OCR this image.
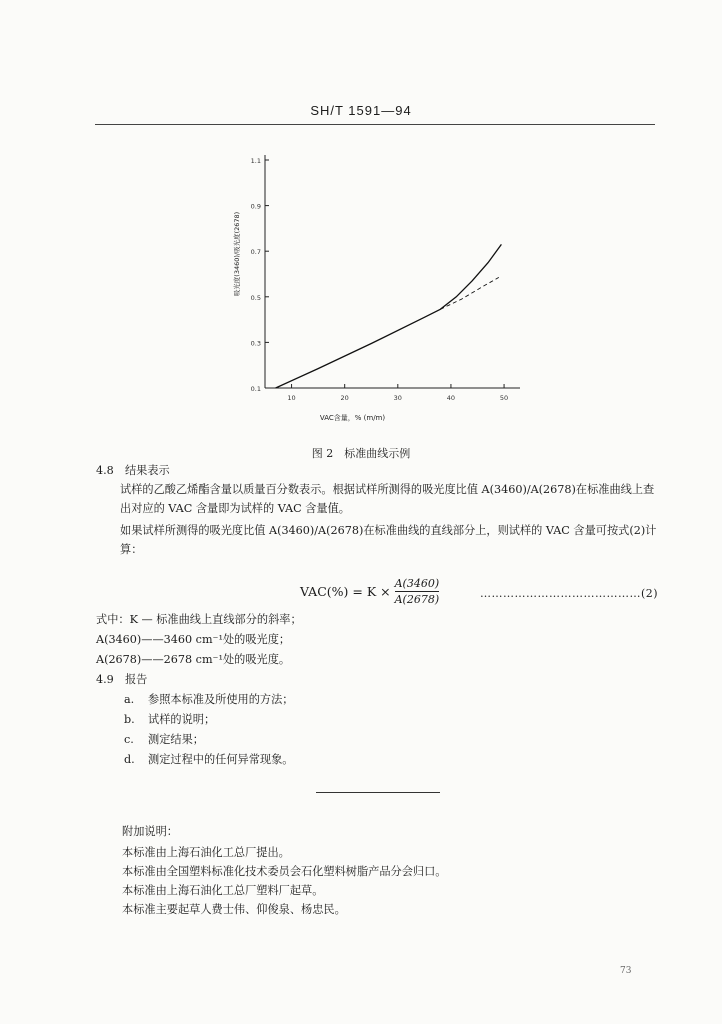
SH/T 1591—94
0.1
0.3
0.5
0.7
0.9
1.1
10	20	30	40	50
VAC含量，% (m/m)
吸光度(3460)/吸光度(2678)
图 2　标准曲线示例
4.8　结果表示
试样的乙酸乙烯酯含量以质量百分数表示。根据试样所测得的吸光度比值 A(3460)/A(2678)在标准曲线上查出对应的 VAC 含量即为试样的 VAC 含量值。
如果试样所测得的吸光度比值 A(3460)/A(2678)在标准曲线的直线部分上，则试样的 VAC 含量可按式(2)计算：
$VAC(\%) = K \times \frac{A(3460)}{A(2678)}$	……………………………………(2)
式中：K — 标准曲线上直线部分的斜率；
A(3460)——3460 cm⁻¹处的吸光度；
A(2678)——2678 cm⁻¹处的吸光度。
4.9　报告
a. 参照本标准及所使用的方法；
b. 试样的说明；
c. 测定结果；
d. 测定过程中的任何异常现象。
附加说明：
本标准由上海石油化工总厂提出。
本标准由全国塑料标准化技术委员会石化塑料树脂产品分会归口。
本标准由上海石油化工总厂塑料厂起草。
本标准主要起草人费士伟、仰俊泉、杨忠民。
73
